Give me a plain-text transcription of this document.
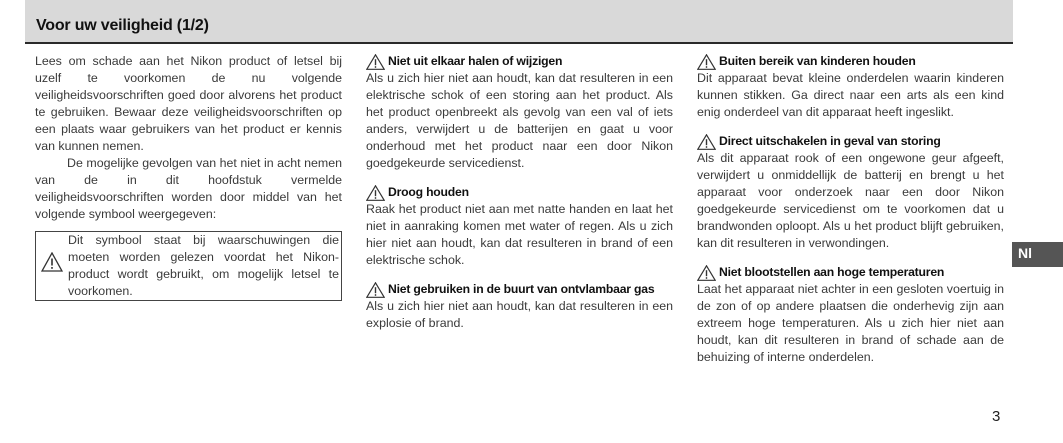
Voor uw veiligheid (1/2)

Lees om schade aan het Nikon product of letsel bij uzelf te voorkomen de nu volgende veiligheidsvoorschriften goed door alvorens het product te gebruiken. Bewaar deze veiligheidsvoorschriften op een plaats waar gebruikers van het product er kennis van kunnen nemen.

De mogelijke gevolgen van het niet in acht nemen van de in dit hoofdstuk vermelde veiligheidsvoorschriften worden door middel van het volgende symbool weergegeven:

Dit symbool staat bij waarschuwingen die moeten worden gelezen voordat het Nikon-product wordt gebruikt, om mogelijk letsel te voorkomen.
Niet uit elkaar halen of wijzigen

Als u zich hier niet aan houdt, kan dat resulteren in een elektrische schok of een storing aan het product. Als het product openbreekt als gevolg van een val of iets anders, verwijdert u de batterijen en gaat u voor onderhoud met het product naar een door Nikon goedgekeurde servicedienst.

Droog houden

Raak het product niet aan met natte handen en laat het niet in aanraking komen met water of regen. Als u zich hier niet aan houdt, kan dat resulteren in brand of een elektrische schok.

Niet gebruiken in de buurt van ontvlambaar gas

Als u zich hier niet aan houdt, kan dat resulteren in een explosie of brand.

Buiten bereik van kinderen houden

Dit apparaat bevat kleine onderdelen waarin kinderen kunnen stikken. Ga direct naar een arts als een kind enig onderdeel van dit apparaat heeft ingeslikt.

Direct uitschakelen in geval van storing

Als dit apparaat rook of een ongewone geur afgeeft, verwijdert u onmiddellijk de batterij en brengt u het apparaat voor onderzoek naar een door Nikon goedgekeurde servicedienst om te voorkomen dat u brandwonden oploopt. Als u het product blijft gebruiken, kan dit resulteren in verwondingen.

Niet blootstellen aan hoge temperaturen

Laat het apparaat niet achter in een gesloten voertuig in de zon of op andere plaatsen die onderhevig zijn aan extreem hoge temperaturen. Als u zich hier niet aan houdt, kan dit resulteren in brand of schade aan de behuizing of interne onderdelen.

Nl
3
